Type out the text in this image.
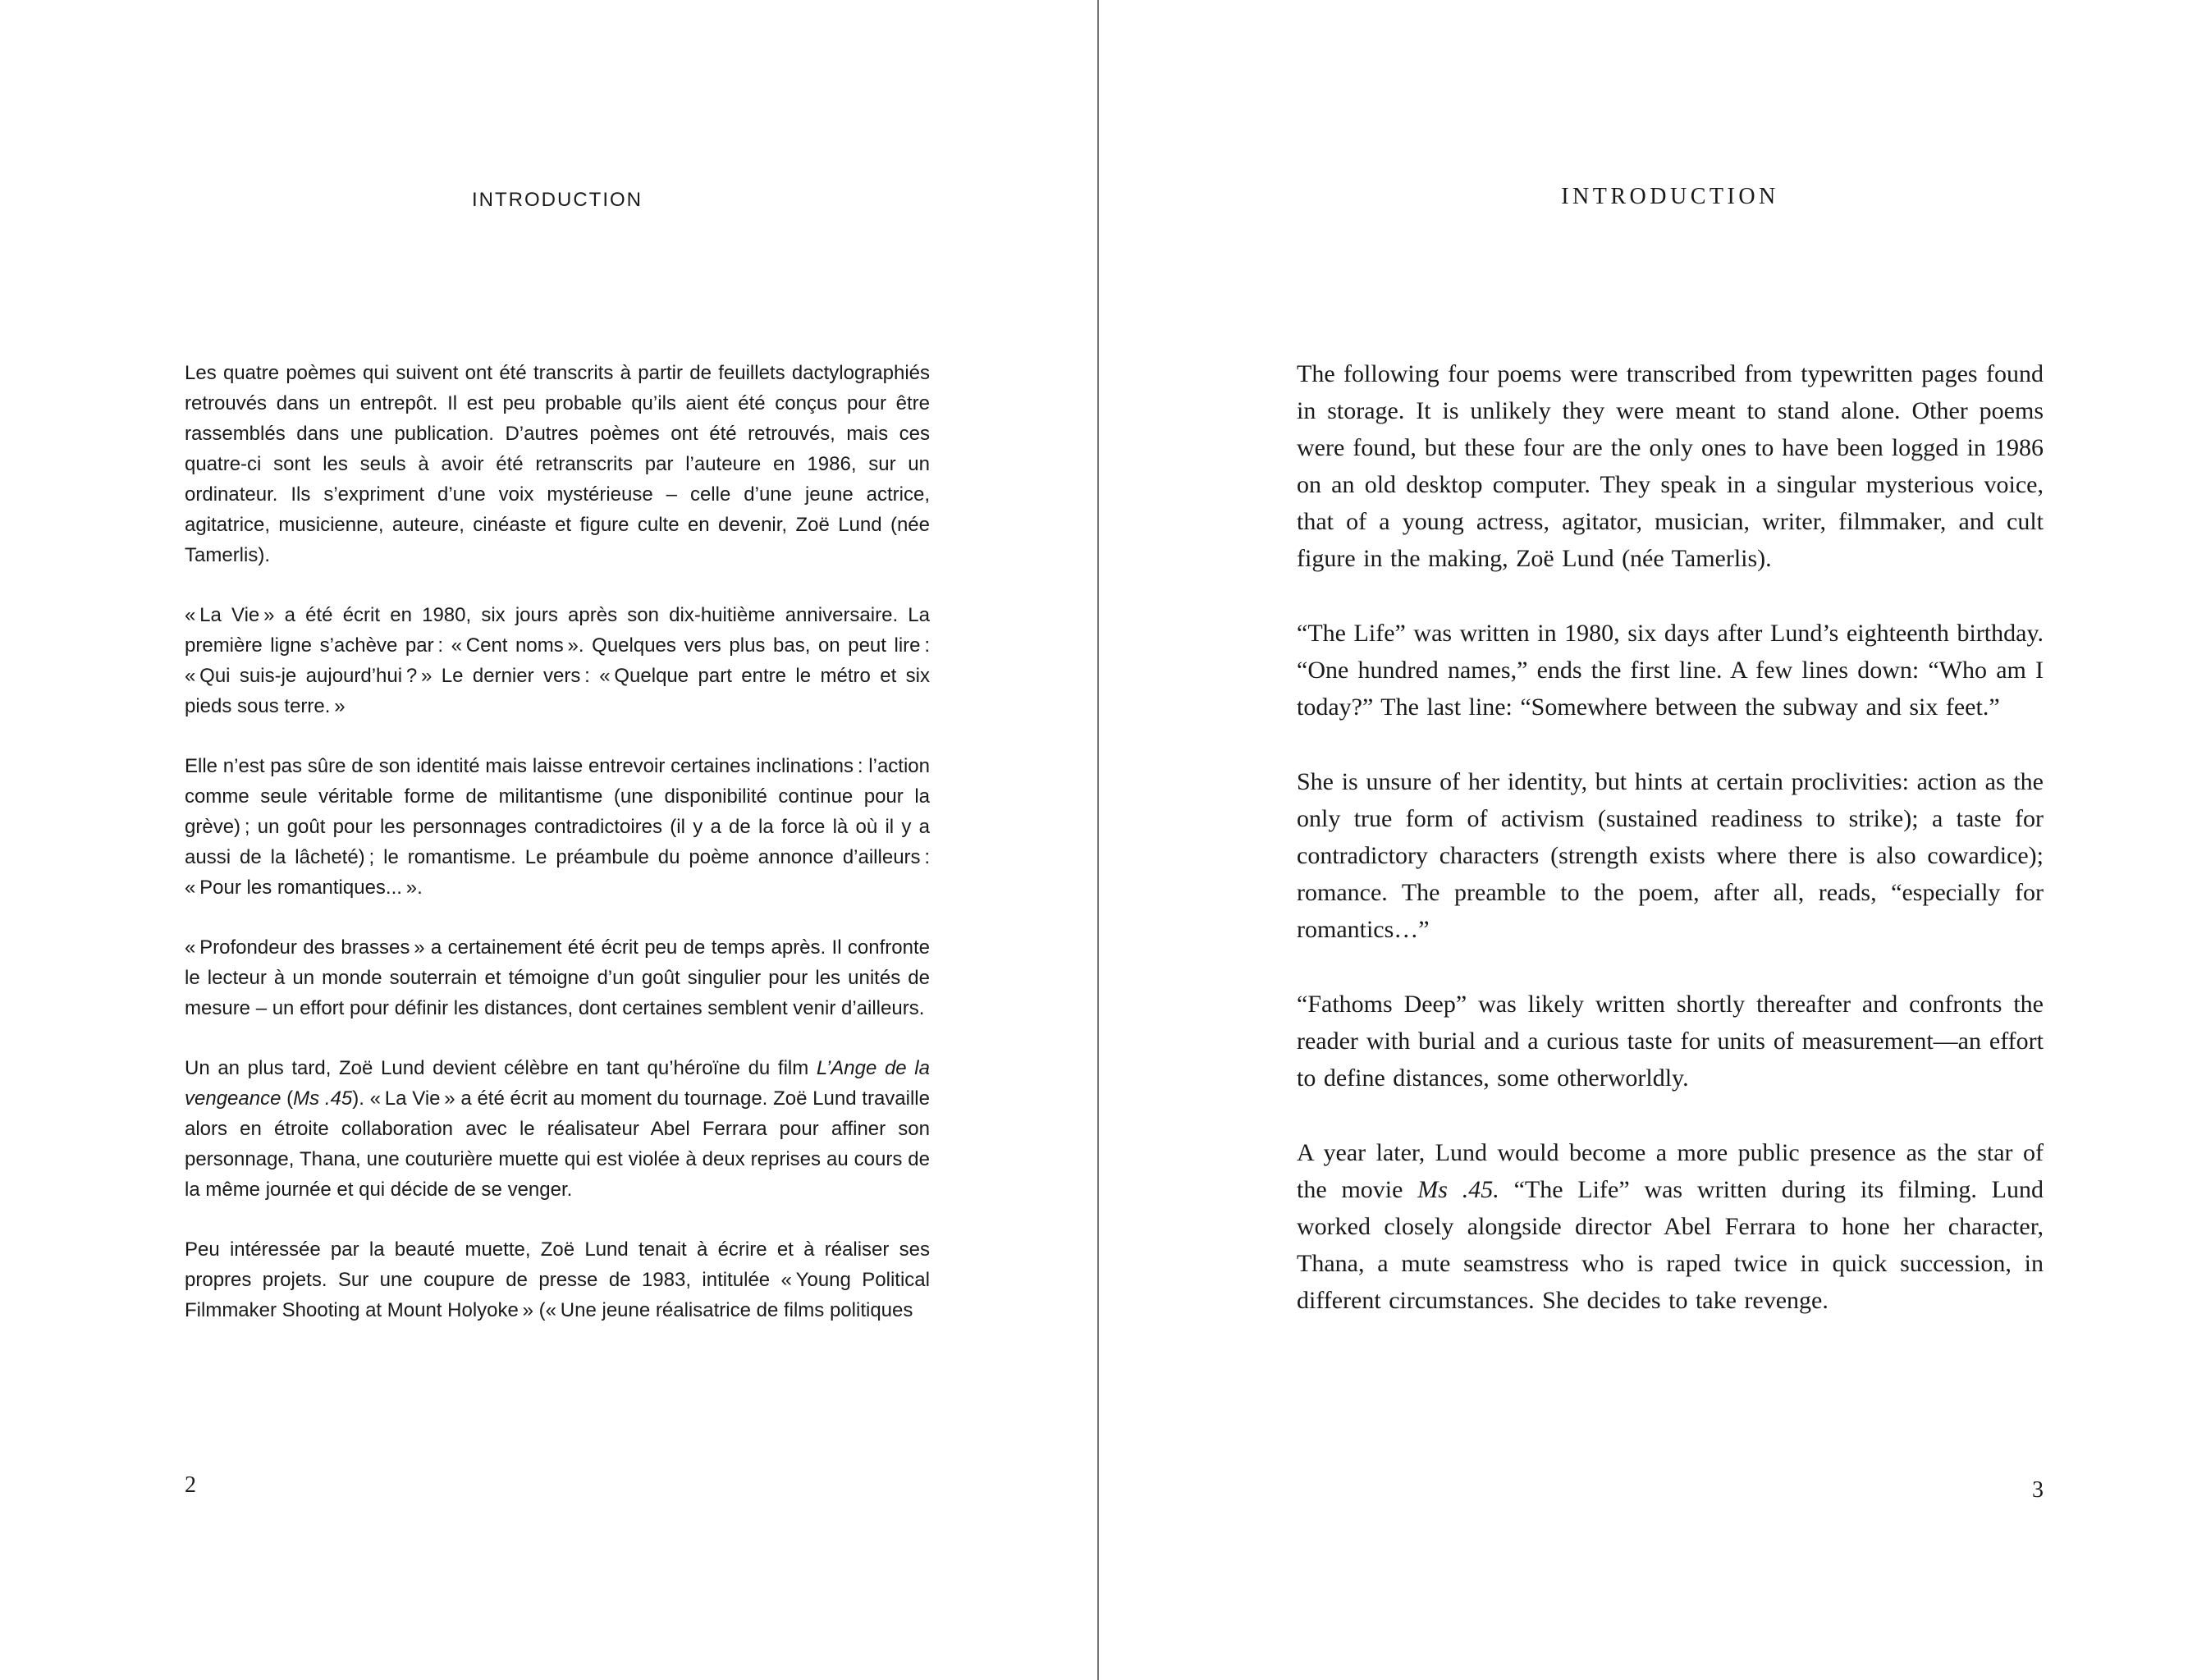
INTRODUCTION

Les quatre poèmes qui suivent ont été transcrits à partir de feuillets dactylographiés retrouvés dans un entrepôt. Il est peu probable qu’ils aient été conçus pour être rassemblés dans une publication. D’autres poèmes ont été retrouvés, mais ces quatre-ci sont les seuls à avoir été retranscrits par l’auteure en 1986, sur un ordinateur. Ils s’expriment d’une voix mystérieuse – celle d’une jeune actrice, agitatrice, musicienne, auteure, cinéaste et figure culte en devenir, Zoë Lund (née Tamerlis).

« La Vie » a été écrit en 1980, six jours après son dix-huitième anniversaire. La première ligne s’achève par : « Cent noms ». Quelques vers plus bas, on peut lire : « Qui suis-je aujourd’hui ? » Le dernier vers : « Quelque part entre le métro et six pieds sous terre. »

Elle n’est pas sûre de son identité mais laisse entrevoir certaines inclinations : l’action comme seule véritable forme de militantisme (une disponibilité continue pour la grève) ; un goût pour les personnages contradictoires (il y a de la force là où il y a aussi de la lâcheté) ; le romantisme. Le préambule du poème annonce d’ailleurs : « Pour les romantiques... ».

« Profondeur des brasses » a certainement été écrit peu de temps après. Il confronte le lecteur à un monde souterrain et témoigne d’un goût singulier pour les unités de mesure – un effort pour définir les distances, dont certaines semblent venir d’ailleurs.

Un an plus tard, Zoë Lund devient célèbre en tant qu’héroïne du film L’Ange de la vengeance (Ms .45). « La Vie » a été écrit au moment du tournage. Zoë Lund travaille alors en étroite collaboration avec le réalisateur Abel Ferrara pour affiner son personnage, Thana, une couturière muette qui est violée à deux reprises au cours de la même journée et qui décide de se venger.

Peu intéressée par la beauté muette, Zoë Lund tenait à écrire et à réaliser ses propres projets. Sur une coupure de presse de 1983, intitulée « Young Political Filmmaker Shooting at Mount Holyoke » (« Une jeune réalisatrice de films politiques

2
INTRODUCTION

The following four poems were transcribed from typewritten pages found in storage. It is unlikely they were meant to stand alone. Other poems were found, but these four are the only ones to have been logged in 1986 on an old desktop computer. They speak in a singular mysterious voice, that of a young actress, agitator, musician, writer, filmmaker, and cult figure in the making, Zoë Lund (née Tamerlis).

“The Life” was written in 1980, six days after Lund’s eighteenth birthday. “One hundred names,” ends the first line. A few lines down: “Who am I today?” The last line: “Somewhere between the subway and six feet.”

She is unsure of her identity, but hints at certain proclivities: action as the only true form of activism (sustained readiness to strike); a taste for contradictory characters (strength exists where there is also cowardice); romance. The preamble to the poem, after all, reads, “especially for romantics…”

“Fathoms Deep” was likely written shortly thereafter and confronts the reader with burial and a curious taste for units of measurement—an effort to define distances, some otherworldly.

A year later, Lund would become a more public presence as the star of the movie Ms .45. “The Life” was written during its filming. Lund worked closely alongside director Abel Ferrara to hone her character, Thana, a mute seamstress who is raped twice in quick succession, in different circumstances. She decides to take revenge.

3
